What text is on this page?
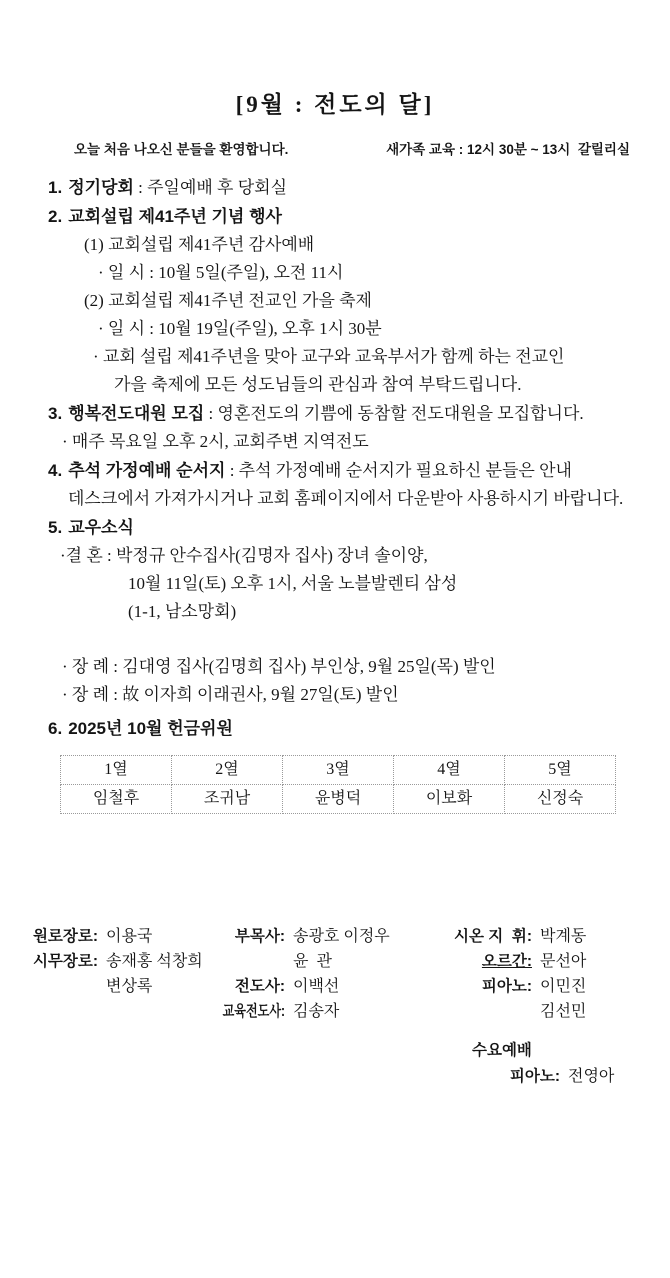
[9월 : 전도의 달]
오늘 처음 나오신 분들을 환영합니다.	새가족 교육 : 12시 30분 ~ 13시  갈릴리실
1. 정기당회 : 주일예배 후 당회실
2. 교회설립 제41주년 기념 행사
(1) 교회설립 제41주년 감사예배
· 일 시 : 10월 5일(주일), 오전 11시
(2) 교회설립 제41주년 전교인 가을 축제
· 일 시 : 10월 19일(주일), 오후 1시 30분
· 교회 설립 제41주년을 맞아 교구와 교육부서가 함께 하는 전교인
가을 축제에 모든 성도님들의 관심과 참여 부탁드립니다.
3. 행복전도대원 모집 : 영혼전도의 기쁨에 동참할 전도대원을 모집합니다.
· 매주 목요일 오후 2시, 교회주변 지역전도
4. 추석 가정예배 순서지 : 추석 가정예배 순서지가 필요하신 분들은 안내
데스크에서 가져가시거나 교회 홈페이지에서 다운받아 사용하시기 바랍니다.
5. 교우소식
·결 혼 : 박정규 안수집사(김명자 집사) 장녀 솔이양,
10월 11일(토) 오후 1시, 서울 노블발렌티 삼성
(1-1, 남소망회)
· 장 례 : 김대영 집사(김명희 집사) 부인상, 9월 25일(목) 발인
· 장 례 : 故 이자희 이래권사, 9월 27일(토) 발인
6. 2025년 10월 헌금위원
1열	2열	3열	4열	5열
임철후	조귀남	윤병덕	이보화	신정숙
원로장로: 이용국
시무장로: 송재홍 석창희
변상록
부목사: 송광호 이정우
윤  관
전도사: 이백선
교육전도사: 김송자
시온 지  휘: 박계동
오르간: 문선아
피아노: 이민진
김선민
수요예배
피아노: 전영아
